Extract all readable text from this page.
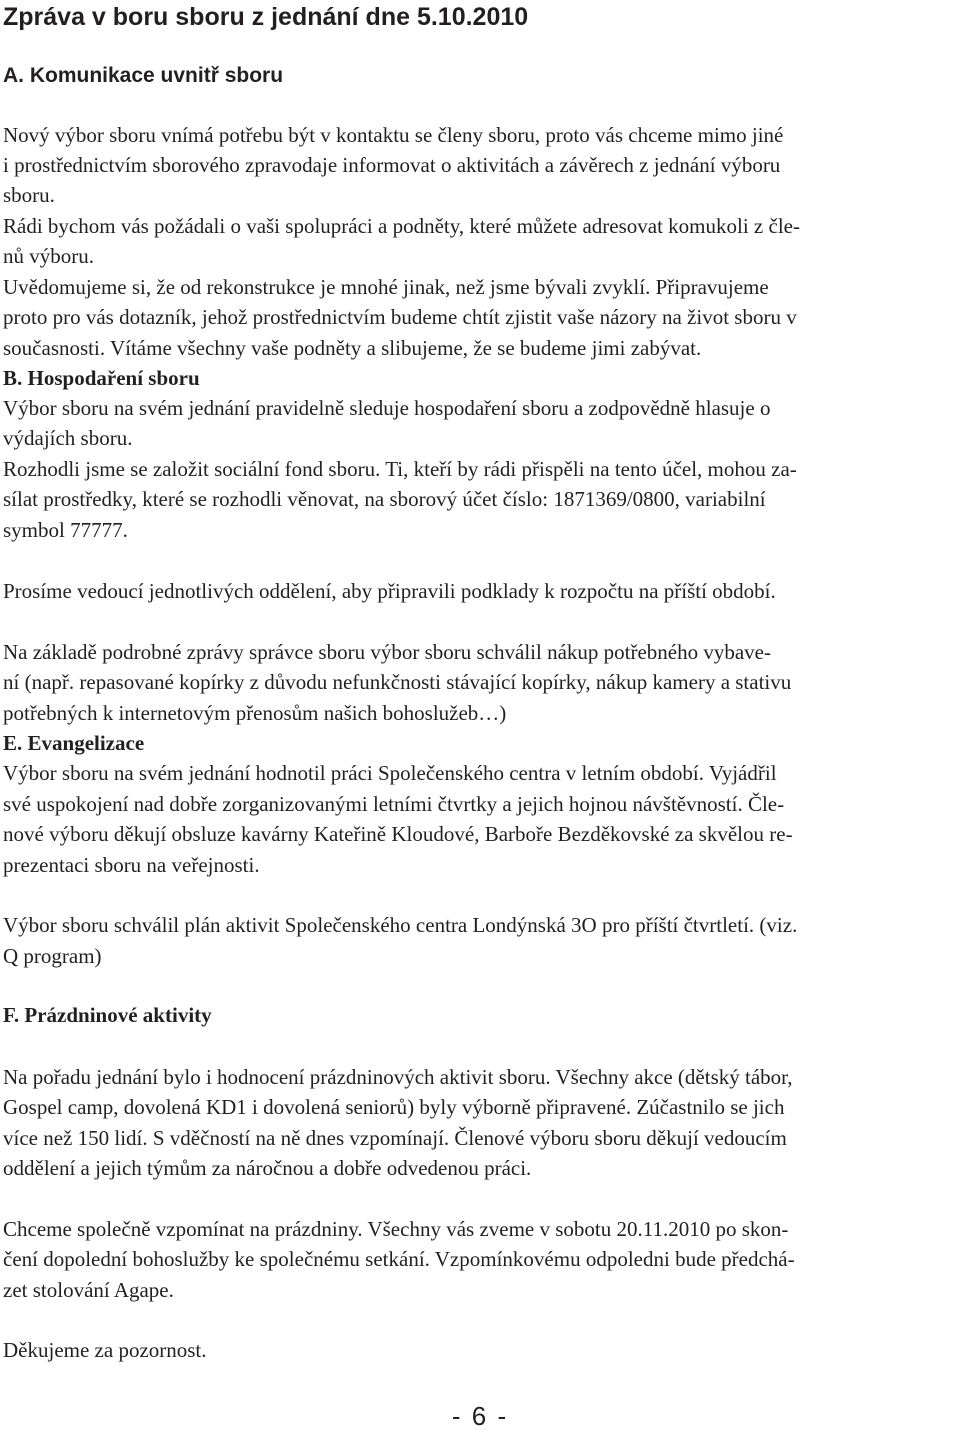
Zpráva v boru sboru z jednání dne 5.10.2010
A. Komunikace uvnitř sboru

Nový výbor sboru vnímá potřebu být v kontaktu se členy sboru, proto vás chceme mimo jiné

i prostřednictvím sborového zpravodaje informovat o aktivitách a závěrech z jednání výboru

sboru.

Rádi bychom vás požádali o vaši spolupráci a podněty, které můžete adresovat komukoli z čle-

nů výboru.

Uvědomujeme si, že od rekonstrukce je mnohé jinak, než jsme bývali zvyklí. Připravujeme

proto pro vás dotazník, jehož prostřednictvím budeme chtít zjistit vaše názory na život sboru v

současnosti. Vítáme všechny vaše podněty a slibujeme, že se budeme jimi zabývat.

B. Hospodaření sboru

Výbor sboru na svém jednání pravidelně sleduje hospodaření sboru a zodpovědně hlasuje o

výdajích sboru.

Rozhodli jsme se založit sociální fond sboru. Ti, kteří by rádi přispěli na tento účel, mohou za-

sílat prostředky, které se rozhodli věnovat, na sborový účet číslo: 1871369/0800, variabilní

symbol 77777.

Prosíme vedoucí jednotlivých oddělení, aby připravili podklady k rozpočtu na příští období.

Na základě podrobné zprávy správce sboru výbor sboru schválil nákup potřebného vybave-

ní (např. repasované kopírky z důvodu nefunkčnosti stávající kopírky, nákup kamery a stativu

potřebných k internetovým přenosům našich bohoslužeb…)

E. Evangelizace

Výbor sboru na svém jednání hodnotil práci Společenského centra v letním období. Vyjádřil

své uspokojení nad dobře zorganizovanými letními čtvrtky a jejich hojnou návštěvností. Čle-

nové výboru děkují obsluze kavárny Kateřině Kloudové, Barboře Bezděkovské za skvělou re-

prezentaci sboru na veřejnosti.

Výbor sboru schválil plán aktivit Společenského centra Londýnská 3O pro příští čtvrtletí. (viz.

Q program)

F. Prázdninové aktivity

Na pořadu jednání bylo i hodnocení prázdninových aktivit sboru. Všechny akce (dětský tábor,

Gospel camp, dovolená KD1 i dovolená seniorů) byly výborně připravené. Zúčastnilo se jich

více než 150 lidí. S vděčností na ně dnes vzpomínají. Členové výboru sboru děkují vedoucím

oddělení a jejich týmům za náročnou a dobře odvedenou práci.

Chceme společně vzpomínat na prázdniny. Všechny vás zveme v sobotu 20.11.2010 po skon-

čení dopolední bohoslužby ke společnému setkání. Vzpomínkovému odpoledni bude předchá-

zet stolování Agape.

Děkujeme za pozornost.

- 6 -
